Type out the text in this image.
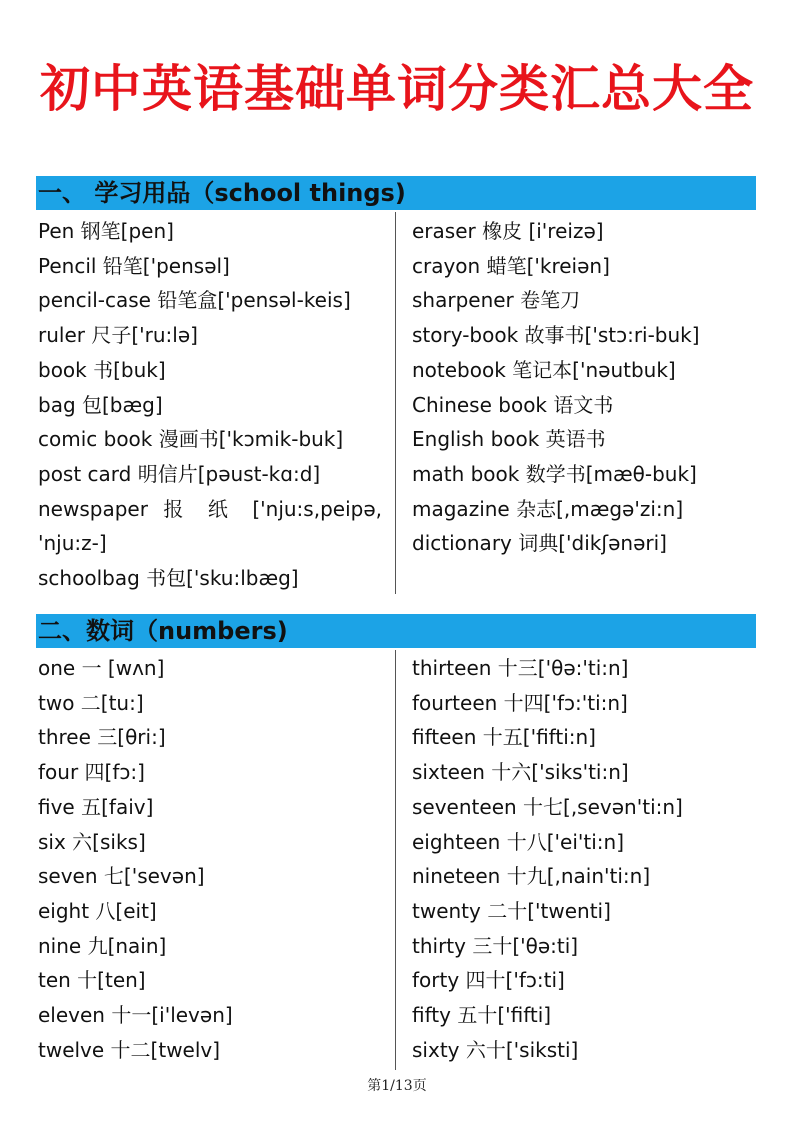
初中英语基础单词分类汇总大全
一、 学习用品（school things)
Pen 钢笔[pen]
Pencil 铅笔['pensəl]
pencil-case 铅笔盒['pensəl-keis]
ruler 尺子['ru:lə]
book 书[buk]
bag 包[bæg]
comic book 漫画书['kɔmik-buk]
post card 明信片[pəust-kɑ:d]
newspaper 报 纸 ['nju:s,peipə,
'nju:z-]
schoolbag 书包['sku:lbæg]
eraser 橡皮 [i'reizə]
crayon 蜡笔['kreiən]
sharpener 卷笔刀
story-book 故事书['stɔ:ri-buk]
notebook 笔记本['nəutbuk]
Chinese book 语文书
English book 英语书
math book 数学书[mæθ-buk]
magazine 杂志[,mægə'zi:n]
dictionary 词典['dikʃənəri]
二、数词（numbers)
one 一 [wʌn]
two 二[tu:]
three 三[θri:]
four 四[fɔ:]
five 五[faiv]
six 六[siks]
seven 七['sevən]
eight 八[eit]
nine 九[nain]
ten 十[ten]
eleven 十一[i'levən]
twelve 十二[twelv]
thirteen 十三['θə:'ti:n]
fourteen 十四['fɔ:'ti:n]
fifteen 十五['fifti:n]
sixteen 十六['siks'ti:n]
seventeen 十七[,sevən'ti:n]
eighteen 十八['ei'ti:n]
nineteen 十九[,nain'ti:n]
twenty 二十['twenti]
thirty 三十['θə:ti]
forty 四十['fɔ:ti]
fifty 五十['fifti]
sixty 六十['siksti]
第1/13页
